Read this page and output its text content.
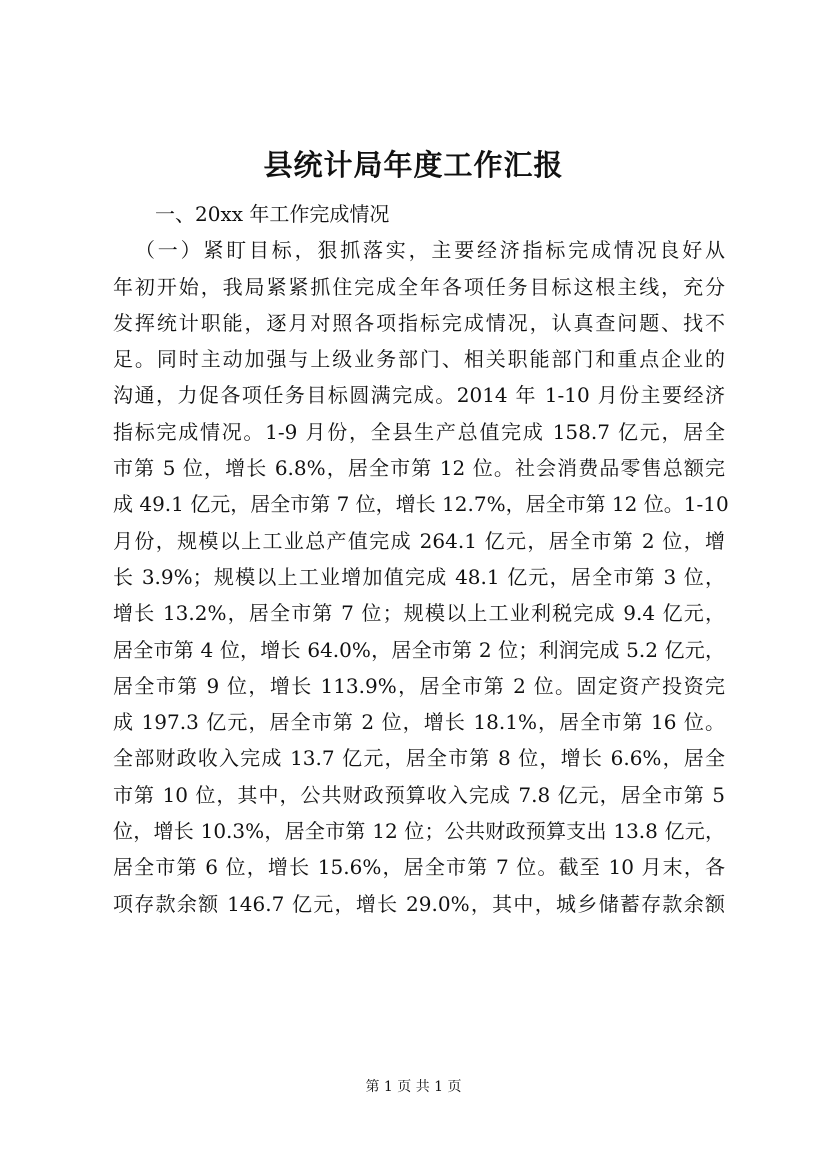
县统计局年度工作汇报
一、20xx 年工作完成情况
（一）紧盯目标，狠抓落实，主要经济指标完成情况良好从
年初开始，我局紧紧抓住完成全年各项任务目标这根主线，充分
发挥统计职能，逐月对照各项指标完成情况，认真查问题、找不
足。同时主动加强与上级业务部门、相关职能部门和重点企业的
沟通，力促各项任务目标圆满完成。2014 年 1-10 月份主要经济
指标完成情况。1-9 月份，全县生产总值完成 158.7 亿元，居全
市第 5 位，增长 6.8%，居全市第 12 位。社会消费品零售总额完
成 49.1 亿元，居全市第 7 位，增长 12.7%，居全市第 12 位。1-10
月份，规模以上工业总产值完成 264.1 亿元，居全市第 2 位，增
长 3.9%；规模以上工业增加值完成 48.1 亿元，居全市第 3 位，
增长 13.2%，居全市第 7 位；规模以上工业利税完成 9.4 亿元，
居全市第 4 位，增长 64.0%，居全市第 2 位；利润完成 5.2 亿元，
居全市第 9 位，增长 113.9%，居全市第 2 位。固定资产投资完
成 197.3 亿元，居全市第 2 位，增长 18.1%，居全市第 16 位。
全部财政收入完成 13.7 亿元，居全市第 8 位，增长 6.6%，居全
市第 10 位，其中，公共财政预算收入完成 7.8 亿元，居全市第 5
位，增长 10.3%，居全市第 12 位；公共财政预算支出 13.8 亿元，
居全市第 6 位，增长 15.6%，居全市第 7 位。截至 10 月末，各
项存款余额 146.7 亿元，增长 29.0%，其中，城乡储蓄存款余额
第 1 页 共 1 页
